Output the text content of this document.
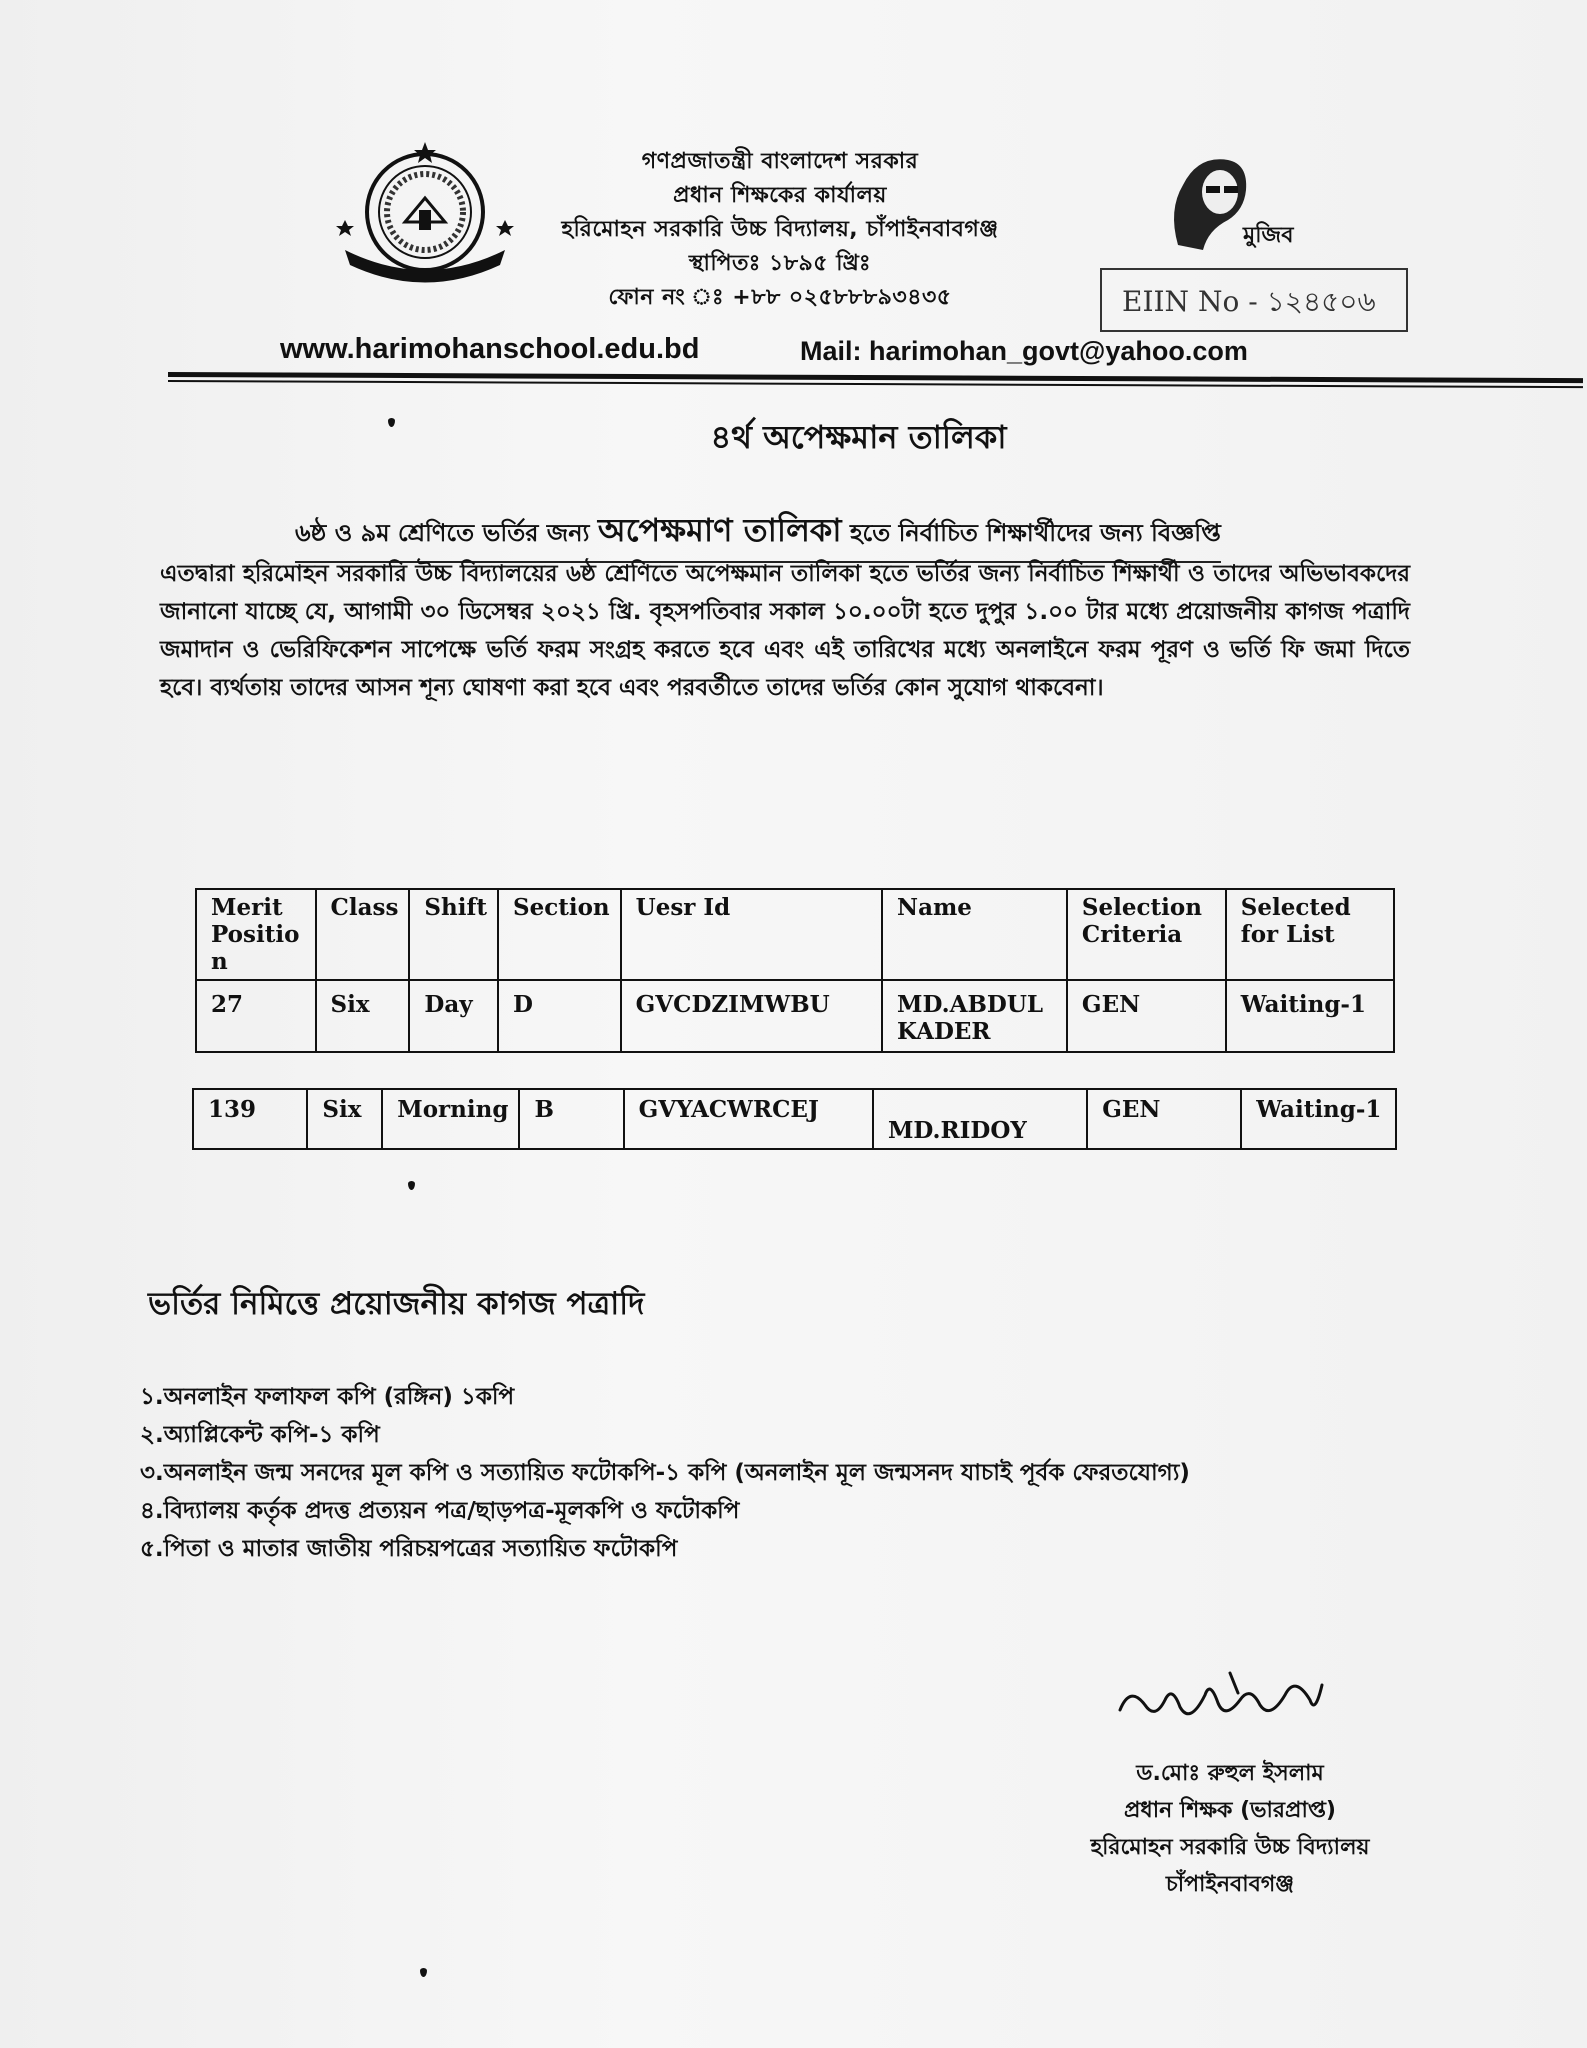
গণপ্রজাতন্ত্রী বাংলাদেশ সরকার
প্রধান শিক্ষকের কার্যালয়
হরিমোহন সরকারি উচ্চ বিদ্যালয়, চাঁপাইনবাবগঞ্জ
স্থাপিতঃ ১৮৯৫ খ্রিঃ
ফোন নং ঃ +৮৮ ০২৫৮৮৮৯৩৪৩৫
মুজিব
EIIN No - ১২৪৫০৬
www.harimohanschool.edu.bd	Mail: harimohan_govt@yahoo.com
৪র্থ অপেক্ষমান তালিকা
৬ষ্ঠ ও ৯ম শ্রেণিতে ভর্তির জন্য অপেক্ষমাণ তালিকা হতে নির্বাচিত শিক্ষার্থীদের জন্য বিজ্ঞপ্তি
এতদ্বারা হরিমোহন সরকারি উচ্চ বিদ্যালয়ের ৬ষ্ঠ শ্রেণিতে অপেক্ষমান তালিকা হতে ভর্তির জন্য নির্বাচিত শিক্ষার্থী ও তাদের অভিভাবকদের জানানো যাচ্ছে যে, আগামী ৩০ ডিসেম্বর ২০২১ খ্রি. বৃহসপতিবার সকাল ১০.০০টা হতে দুপুর ১.০০ টার মধ্যে প্রয়োজনীয় কাগজ পত্রাদি জমাদান ও ভেরিফিকেশন সাপেক্ষে ভর্তি ফরম সংগ্রহ করতে হবে এবং এই তারিখের মধ্যে অনলাইনে ফরম পূরণ ও ভর্তি ফি জমা দিতে হবে। ব্যর্থতায় তাদের আসন শূন্য ঘোষণা করা হবে এবং পরবর্তীতে তাদের ভর্তির কোন সুযোগ থাকবেনা।
Merit Positio n	Class	Shift	Section	Uesr Id	Name	Selection Criteria	Selected for List
27	Six	Day	D	GVCDZIMWBU	MD.ABDUL KADER	GEN	Waiting-1
139	Six	Morning	B	GVYACWRCEJ	MD.RIDOY	GEN	Waiting-1
ভর্তির নিমিত্তে প্রয়োজনীয় কাগজ পত্রাদি
১.অনলাইন ফলাফল কপি (রঙ্গিন) ১কপি
২.অ্যাপ্লিকেন্ট কপি-১ কপি
৩.অনলাইন জন্ম সনদের মূল কপি ও সত্যায়িত ফটোকপি-১ কপি (অনলাইন মূল জন্মসনদ যাচাই পূর্বক ফেরতযোগ্য)
৪.বিদ্যালয় কর্তৃক প্রদত্ত প্রত্যয়ন পত্র/ছাড়পত্র-মূলকপি ও ফটোকপি
৫.পিতা ও মাতার জাতীয় পরিচয়পত্রের সত্যায়িত ফটোকপি
ড.মোঃ রুহুল ইসলাম
প্রধান শিক্ষক (ভারপ্রাপ্ত)
হরিমোহন সরকারি উচ্চ বিদ্যালয়
চাঁপাইনবাবগঞ্জ
